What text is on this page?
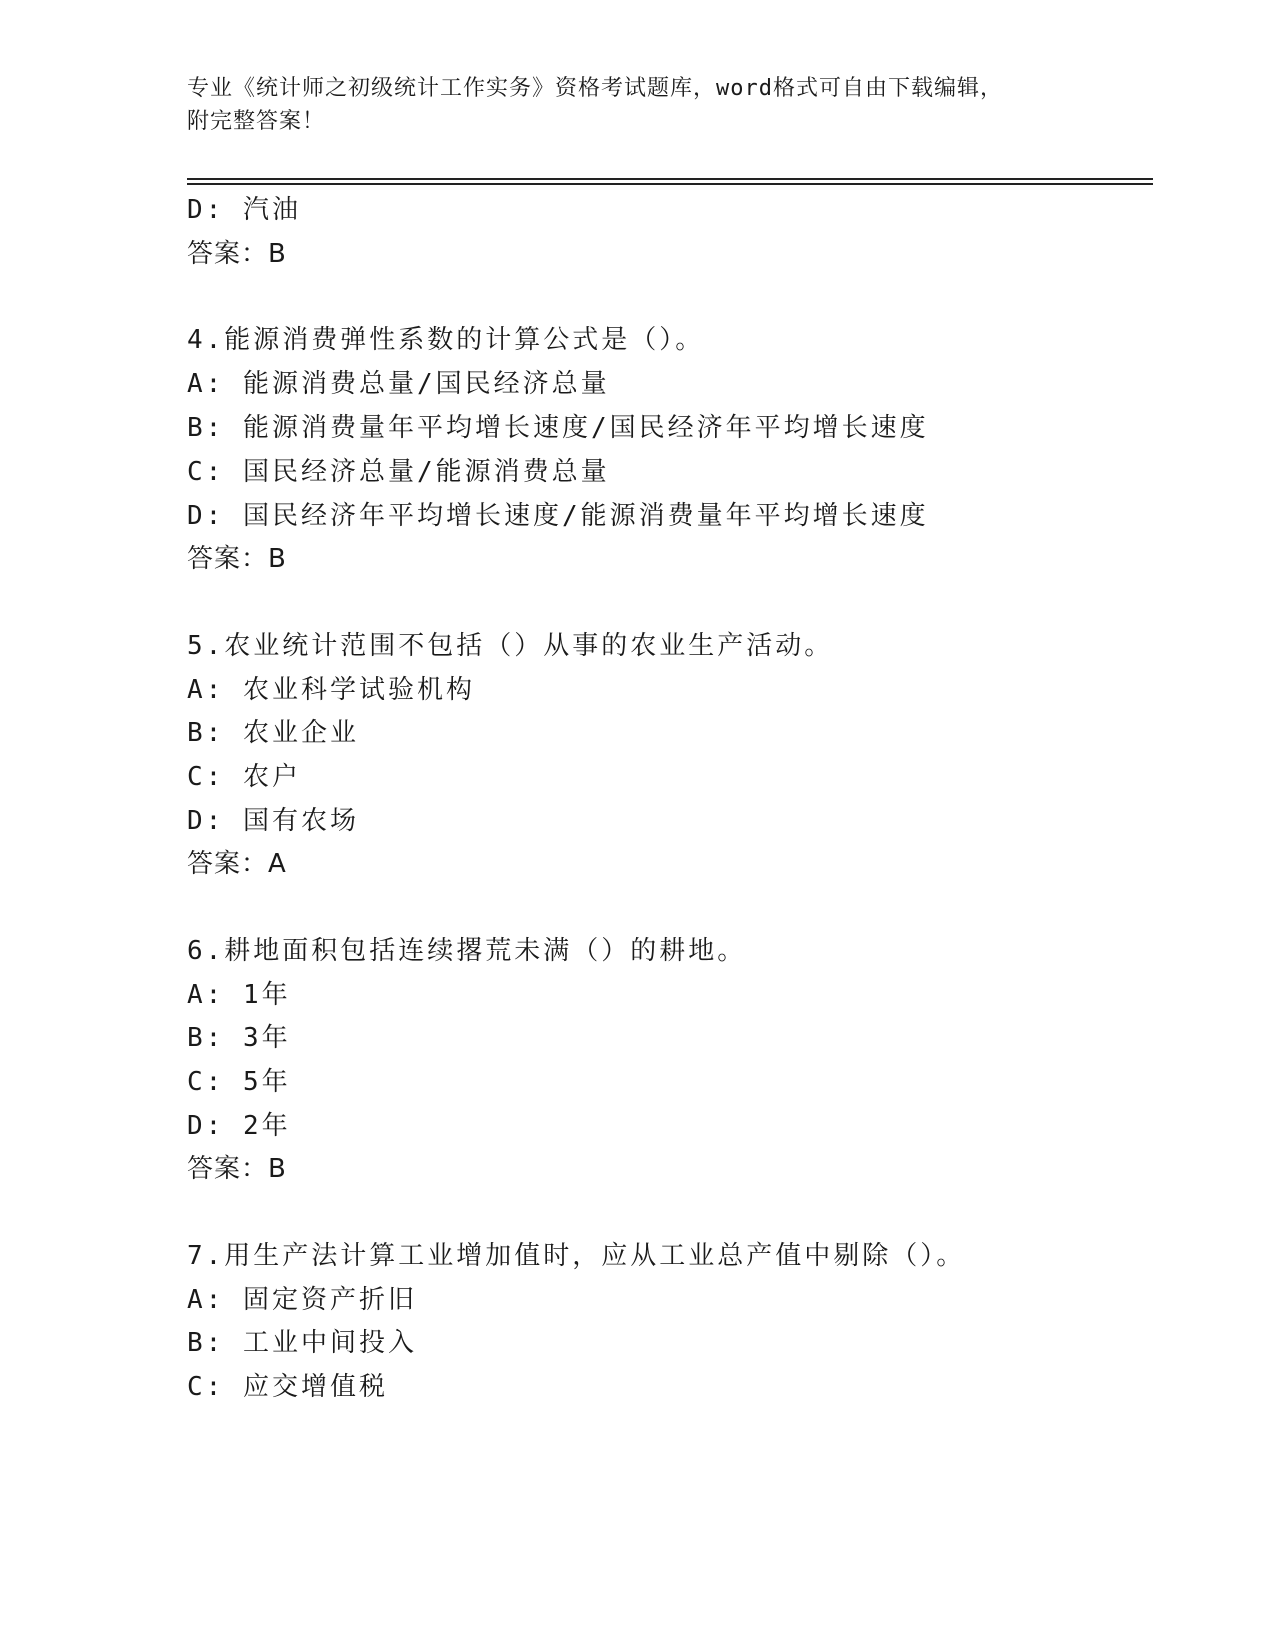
专业《统计师之初级统计工作实务》资格考试题库，word格式可自由下载编辑，
附完整答案！
D: 汽油
答案：B
4.能源消费弹性系数的计算公式是（）。
A: 能源消费总量/国民经济总量
B: 能源消费量年平均增长速度/国民经济年平均增长速度
C: 国民经济总量/能源消费总量
D: 国民经济年平均增长速度/能源消费量年平均增长速度
答案：B
5.农业统计范围不包括（）从事的农业生产活动。
A: 农业科学试验机构
B: 农业企业
C: 农户
D: 国有农场
答案：A
6.耕地面积包括连续撂荒未满（）的耕地。
A: 1年
B: 3年
C: 5年
D: 2年
答案：B
7.用生产法计算工业增加值时，应从工业总产值中剔除（）。
A: 固定资产折旧
B: 工业中间投入
C: 应交增值税
